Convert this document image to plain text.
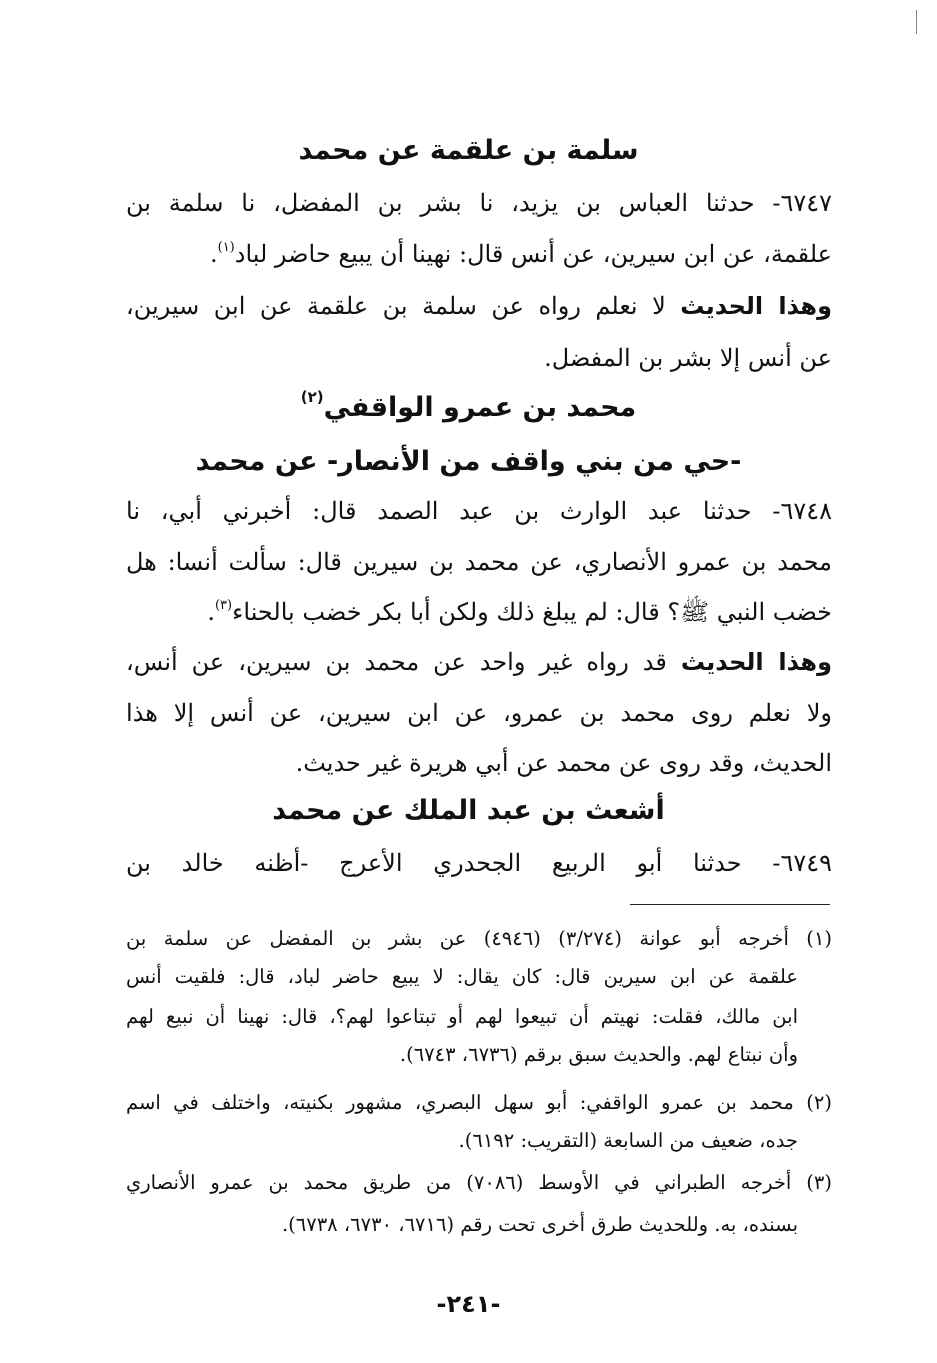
سلمة بن علقمة عن محمد
٦٧٤٧- حدثنا العباس بن يزيد، نا بشر بن المفضل، نا سلمة بن
علقمة، عن ابن سيرين، عن أنس قال: نهينا أن يبيع حاضر لباد$^{(١)}$.
وهذا الحديث لا نعلم رواه عن سلمة بن علقمة عن ابن سيرين،
عن أنس إلا بشر بن المفضل.
محمد بن عمرو الواقفي$^{(٢)}$
-حي من بني واقف من الأنصار- عن محمد
٦٧٤٨- حدثنا عبد الوارث بن عبد الصمد قال: أخبرني أبي، نا
محمد بن عمرو الأنصاري، عن محمد بن سيرين قال: سألت أنسا: هل
خضب النبي ﷺ؟ قال: لم يبلغ ذلك ولكن أبا بكر خضب بالحناء$^{(٣)}$.
وهذا الحديث قد رواه غير واحد عن محمد بن سيرين، عن أنس،
ولا نعلم روى محمد بن عمرو، عن ابن سيرين، عن أنس إلا هذا
الحديث، وقد روى عن محمد عن أبي هريرة غير حديث.
أشعث بن عبد الملك عن محمد
٦٧٤٩- حدثنا أبو الربيع الجحدري الأعرج -أظنه خالد بن
(١) أخرجه أبو عوانة (٣/٢٧٤) (٤٩٤٦) عن بشر بن المفضل عن سلمة بن
علقمة عن ابن سيرين قال: كان يقال: لا يبيع حاضر لباد، قال: فلقيت أنس
ابن مالك، فقلت: نهيتم أن تبيعوا لهم أو تبتاعوا لهم؟، قال: نهينا أن نبيع لهم
وأن نبتاع لهم. والحديث سبق برقم (٦٧٣٦، ٦٧٤٣).
(٢) محمد بن عمرو الواقفي: أبو سهل البصري، مشهور بكنيته، واختلف في اسم
جده، ضعيف من السابعة (التقريب: ٦١٩٢).
(٣) أخرجه الطبراني في الأوسط (٧٠٨٦) من طريق محمد بن عمرو الأنصاري
بسنده، به. وللحديث طرق أخرى تحت رقم (٦٧١٦، ٦٧٣٠، ٦٧٣٨).
-٢٤١-
